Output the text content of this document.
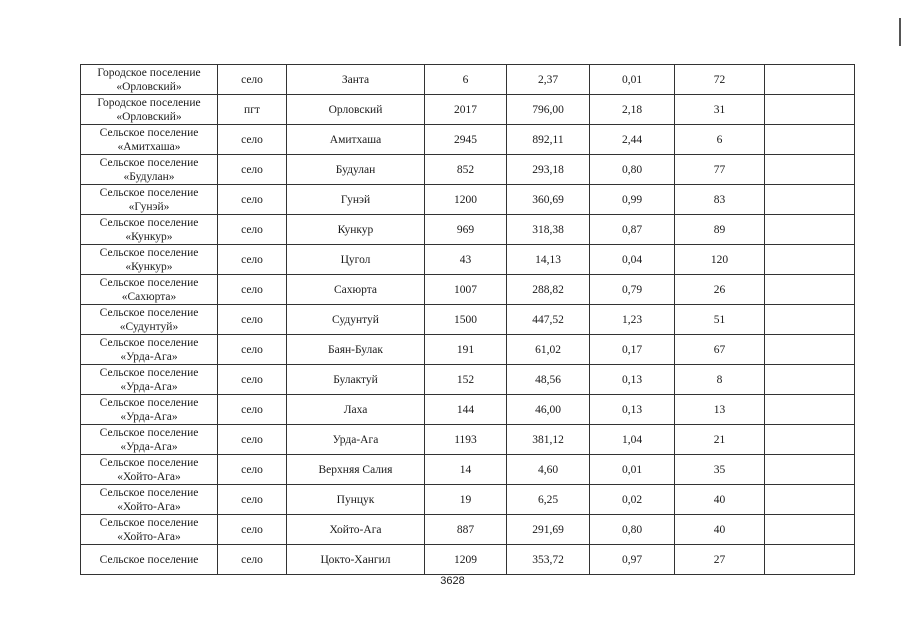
Городское поселение «Орловский»	село	Занта	6	2,37	0,01	72	
Городское поселение «Орловский»	пгт	Орловский	2017	796,00	2,18	31	
Сельское поселение «Амитхаша»	село	Амитхаша	2945	892,11	2,44	6	
Сельское поселение «Будулан»	село	Будулан	852	293,18	0,80	77	
Сельское поселение «Гунэй»	село	Гунэй	1200	360,69	0,99	83	
Сельское поселение «Кункур»	село	Кункур	969	318,38	0,87	89	
Сельское поселение «Кункур»	село	Цугол	43	14,13	0,04	120	
Сельское поселение «Сахюрта»	село	Сахюрта	1007	288,82	0,79	26	
Сельское поселение «Судунтуй»	село	Судунтуй	1500	447,52	1,23	51	
Сельское поселение «Урда-Ага»	село	Баян-Булак	191	61,02	0,17	67	
Сельское поселение «Урда-Ага»	село	Булактуй	152	48,56	0,13	8	
Сельское поселение «Урда-Ага»	село	Лаха	144	46,00	0,13	13	
Сельское поселение «Урда-Ага»	село	Урда-Ага	1193	381,12	1,04	21	
Сельское поселение «Хойто-Ага»	село	Верхняя Салия	14	4,60	0,01	35	
Сельское поселение «Хойто-Ага»	село	Пунцук	19	6,25	0,02	40	
Сельское поселение «Хойто-Ага»	село	Хойто-Ага	887	291,69	0,80	40	
Сельское поселение	село	Цокто-Хангил	1209	353,72	0,97	27	
3628
